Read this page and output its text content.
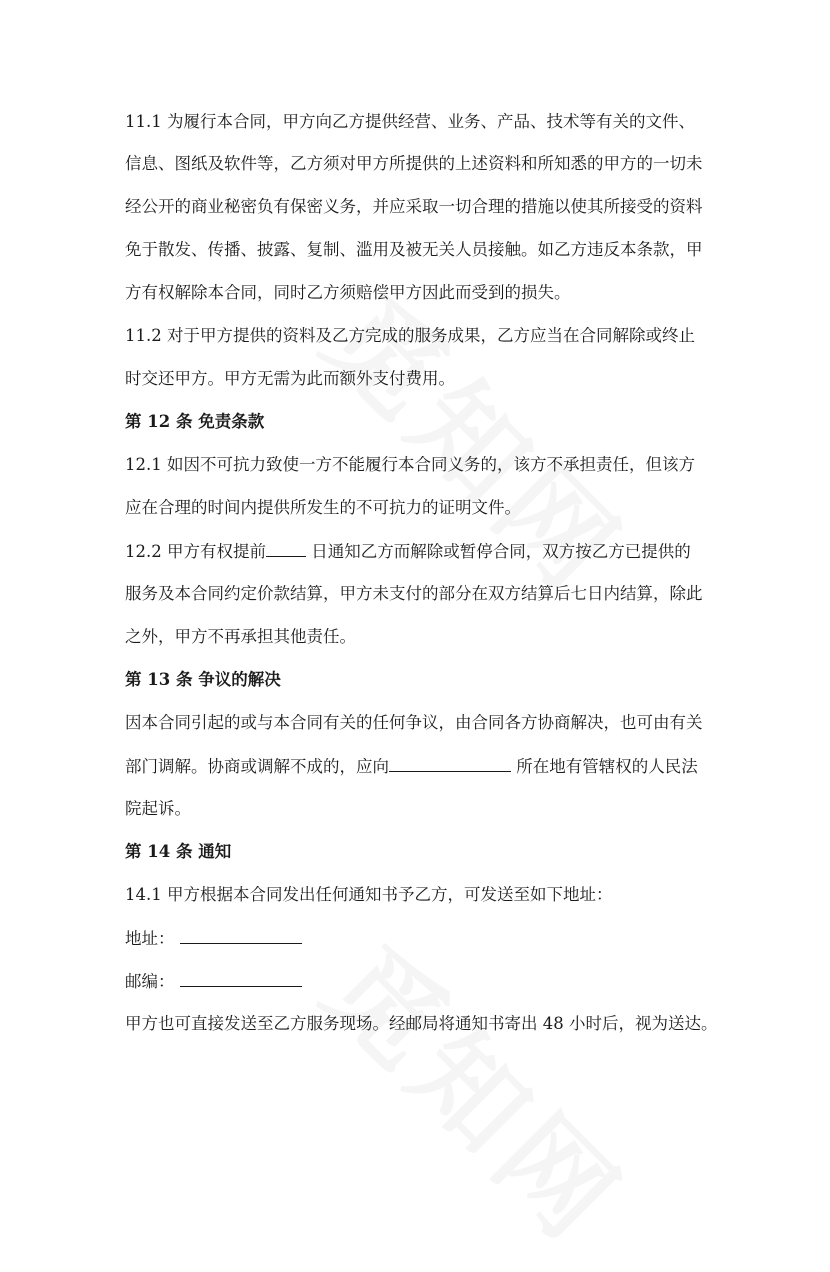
11.1 为履行本合同，甲方向乙方提供经营、业务、产品、技术等有关的文件、
信息、图纸及软件等，乙方须对甲方所提供的上述资料和所知悉的甲方的一切未
经公开的商业秘密负有保密义务，并应采取一切合理的措施以使其所接受的资料
免于散发、传播、披露、复制、滥用及被无关人员接触。如乙方违反本条款，甲
方有权解除本合同，同时乙方须赔偿甲方因此而受到的损失。
11.2 对于甲方提供的资料及乙方完成的服务成果，乙方应当在合同解除或终止
时交还甲方。甲方无需为此而额外支付费用。
第 12 条 免责条款
12.1 如因不可抗力致使一方不能履行本合同义务的，该方不承担责任，但该方
应在合理的时间内提供所发生的不可抗力的证明文件。
12.2 甲方有权提前	日通知乙方而解除或暂停合同，双方按乙方已提供的
服务及本合同约定价款结算，甲方未支付的部分在双方结算后七日内结算，除此
之外，甲方不再承担其他责任。
第 13 条 争议的解决
因本合同引起的或与本合同有关的任何争议，由合同各方协商解决，也可由有关
部门调解。协商或调解不成的，应向	所在地有管辖权的人民法
院起诉。
第 14 条 通知
14.1 甲方根据本合同发出任何通知书予乙方，可发送至如下地址：
地址：
邮编：
甲方也可直接发送至乙方服务现场。经邮局将通知书寄出 48 小时后，视为送达。
